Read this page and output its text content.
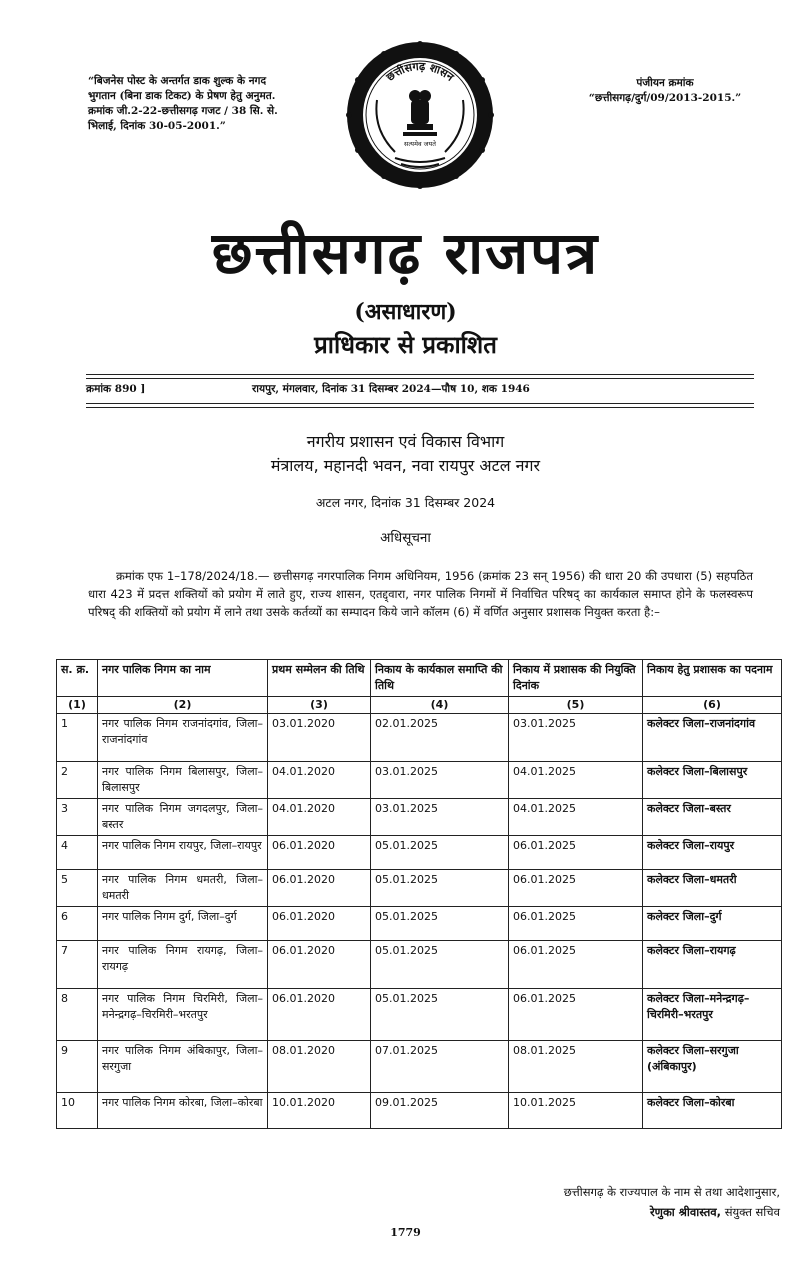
“बिजनेस पोस्ट के अन्तर्गत डाक शुल्क के नगद भुगतान (बिना डाक टिकट) के प्रेषण हेतु अनुमत. क्रमांक जी.2-22-छत्तीसगढ़ गजट / 38 सि. से. भिलाई, दिनांक 30-05-2001.”
पंजीयन क्रमांक
“छत्तीसगढ़/दुर्ग/09/2013-2015.”
छत्तीसगढ़ शासन
सत्यमेव जयते
छत्तीसगढ़ राजपत्र
(असाधारण)
प्राधिकार से प्रकाशित
क्रमांक 890 ]	रायपुर, मंगलवार, दिनांक 31 दिसम्बर 2024—पौष 10, शक 1946
नगरीय प्रशासन एवं विकास विभाग
मंत्रालय, महानदी भवन, नवा रायपुर अटल नगर
अटल नगर, दिनांक 31 दिसम्बर 2024
अधिसूचना

क्रमांक एफ 1–178/2024/18.— छत्तीसगढ़ नगरपालिक निगम अधिनियम, 1956 (क्रमांक 23 सन् 1956) की धारा 20 की उपधारा (5) सहपठित धारा 423 में प्रदत्त शक्तियों को प्रयोग में लाते हुए, राज्य शासन, एतद्द्वारा, नगर पालिक निगमों में निर्वाचित परिषद् का कार्यकाल समाप्त होने के फलस्वरूप परिषद् की शक्तियों को प्रयोग में लाने तथा उसके कर्तव्यों का सम्पादन किये जाने कॉलम (6) में वर्णित अनुसार प्रशासक नियुक्त करता है:–

स. क्र.	नगर पालिक निगम का नाम	प्रथम सम्मेलन की तिथि	निकाय के कार्यकाल समाप्ति की तिथि	निकाय में प्रशासक की नियुक्ति दिनांक	निकाय हेतु प्रशासक का पदनाम
(1)	(2)	(3)	(4)	(5)	(6)
1	नगर पालिक निगम राजनांदगांव, जिला–राजनांदगांव	03.01.2020	02.01.2025	03.01.2025	कलेक्टर जिला–राजनांदगांव
2	नगर पालिक निगम बिलासपुर, जिला–बिलासपुर	04.01.2020	03.01.2025	04.01.2025	कलेक्टर जिला–बिलासपुर
3	नगर पालिक निगम जगदलपुर, जिला–बस्तर	04.01.2020	03.01.2025	04.01.2025	कलेक्टर जिला–बस्तर
4	नगर पालिक निगम रायपुर, जिला–रायपुर	06.01.2020	05.01.2025	06.01.2025	कलेक्टर जिला–रायपुर
5	नगर पालिक निगम धमतरी, जिला–धमतरी	06.01.2020	05.01.2025	06.01.2025	कलेक्टर जिला–धमतरी
6	नगर पालिक निगम दुर्ग, जिला–दुर्ग	06.01.2020	05.01.2025	06.01.2025	कलेक्टर जिला–दुर्ग
7	नगर पालिक निगम रायगढ़, जिला–रायगढ़	06.01.2020	05.01.2025	06.01.2025	कलेक्टर जिला–रायगढ़
8	नगर पालिक निगम चिरमिरी, जिला–मनेन्द्रगढ़–चिरमिरी–भरतपुर	06.01.2020	05.01.2025	06.01.2025	कलेक्टर जिला–मनेन्द्रगढ़–चिरमिरी–भरतपुर
9	नगर पालिक निगम अंबिकापुर, जिला–सरगुजा	08.01.2020	07.01.2025	08.01.2025	कलेक्टर जिला–सरगुजा (अंबिकापुर)
10	नगर पालिक निगम कोरबा, जिला–कोरबा	10.01.2020	09.01.2025	10.01.2025	कलेक्टर जिला–कोरबा
छत्तीसगढ़ के राज्यपाल के नाम से तथा आदेशानुसार,
रेणुका श्रीवास्तव, संयुक्त सचिव
1779
